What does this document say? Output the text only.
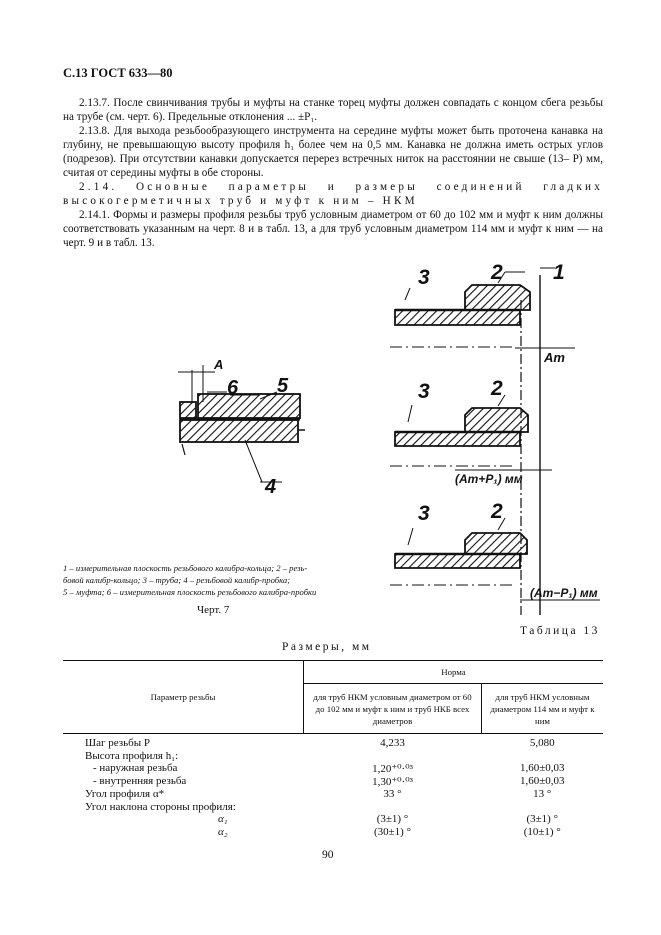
С.13 ГОСТ 633—80
2.13.7. После свинчивания трубы и муфты на станке торец муфты должен совпадать с концом сбега резьбы на трубе (см. черт. 6). Предельные отклонения ... ±P₁.
2.13.8. Для выхода резьбообразующего инструмента на середине муфты может быть проточена канавка на глубину, не превышающую высоту профиля h₁ более чем на 0,5 мм. Канавка не должна иметь острых углов (подрезов). При отсутствии канавки допускается перерез встречных ниток на расстоянии не свыше (13– P) мм, считая от середины муфты в обе стороны.
2.14. Основные параметры и размеры соединений гладких высокогерметичных труб и муфт к ним – НКМ
2.14.1. Формы и размеры профиля резьбы труб условным диаметром от 60 до 102 мм и муфт к ним должны соответствовать указанным на черт. 8 и в табл. 13, а для труб условным диаметром 114 мм и муфт к ним — на черт. 9 и в табл. 13.
A
6 5
4
3	2 1
Aт
3	2
(Aт+P₁) мм
3	2
(Aт−P₁) мм
1 – измерительная плоскость резьбового калибра-кольца; 2 – резь-
бовой калибр-кольцо; 3 – труба; 4 – резьбовой калибр-пробка;
5 – муфта; 6 – измерительная плоскость резьбового калибра-пробки
Черт. 7
Таблица 13
Размеры, мм
Параметр резьбы	Норма	
	для труб НКМ условным диаметром от 60 до 102 мм и муфт к ним и труб НКБ всех диаметров	для труб НКМ условным диаметром 114 мм и муфт к ним
Шаг резьбы P	4,233	5,080
Высота профиля h₁:		
- наружная резьба	1,20⁺⁰·⁰³	1,60±0,03
- внутренняя резьба	1,30⁺⁰·⁰³	1,60±0,03
Угол профиля α*	33 °	13 °
Угол наклона стороны профиля:		
α₁	(3±1) °	(3±1) °
α₂	(30±1) °	(10±1) °
90
